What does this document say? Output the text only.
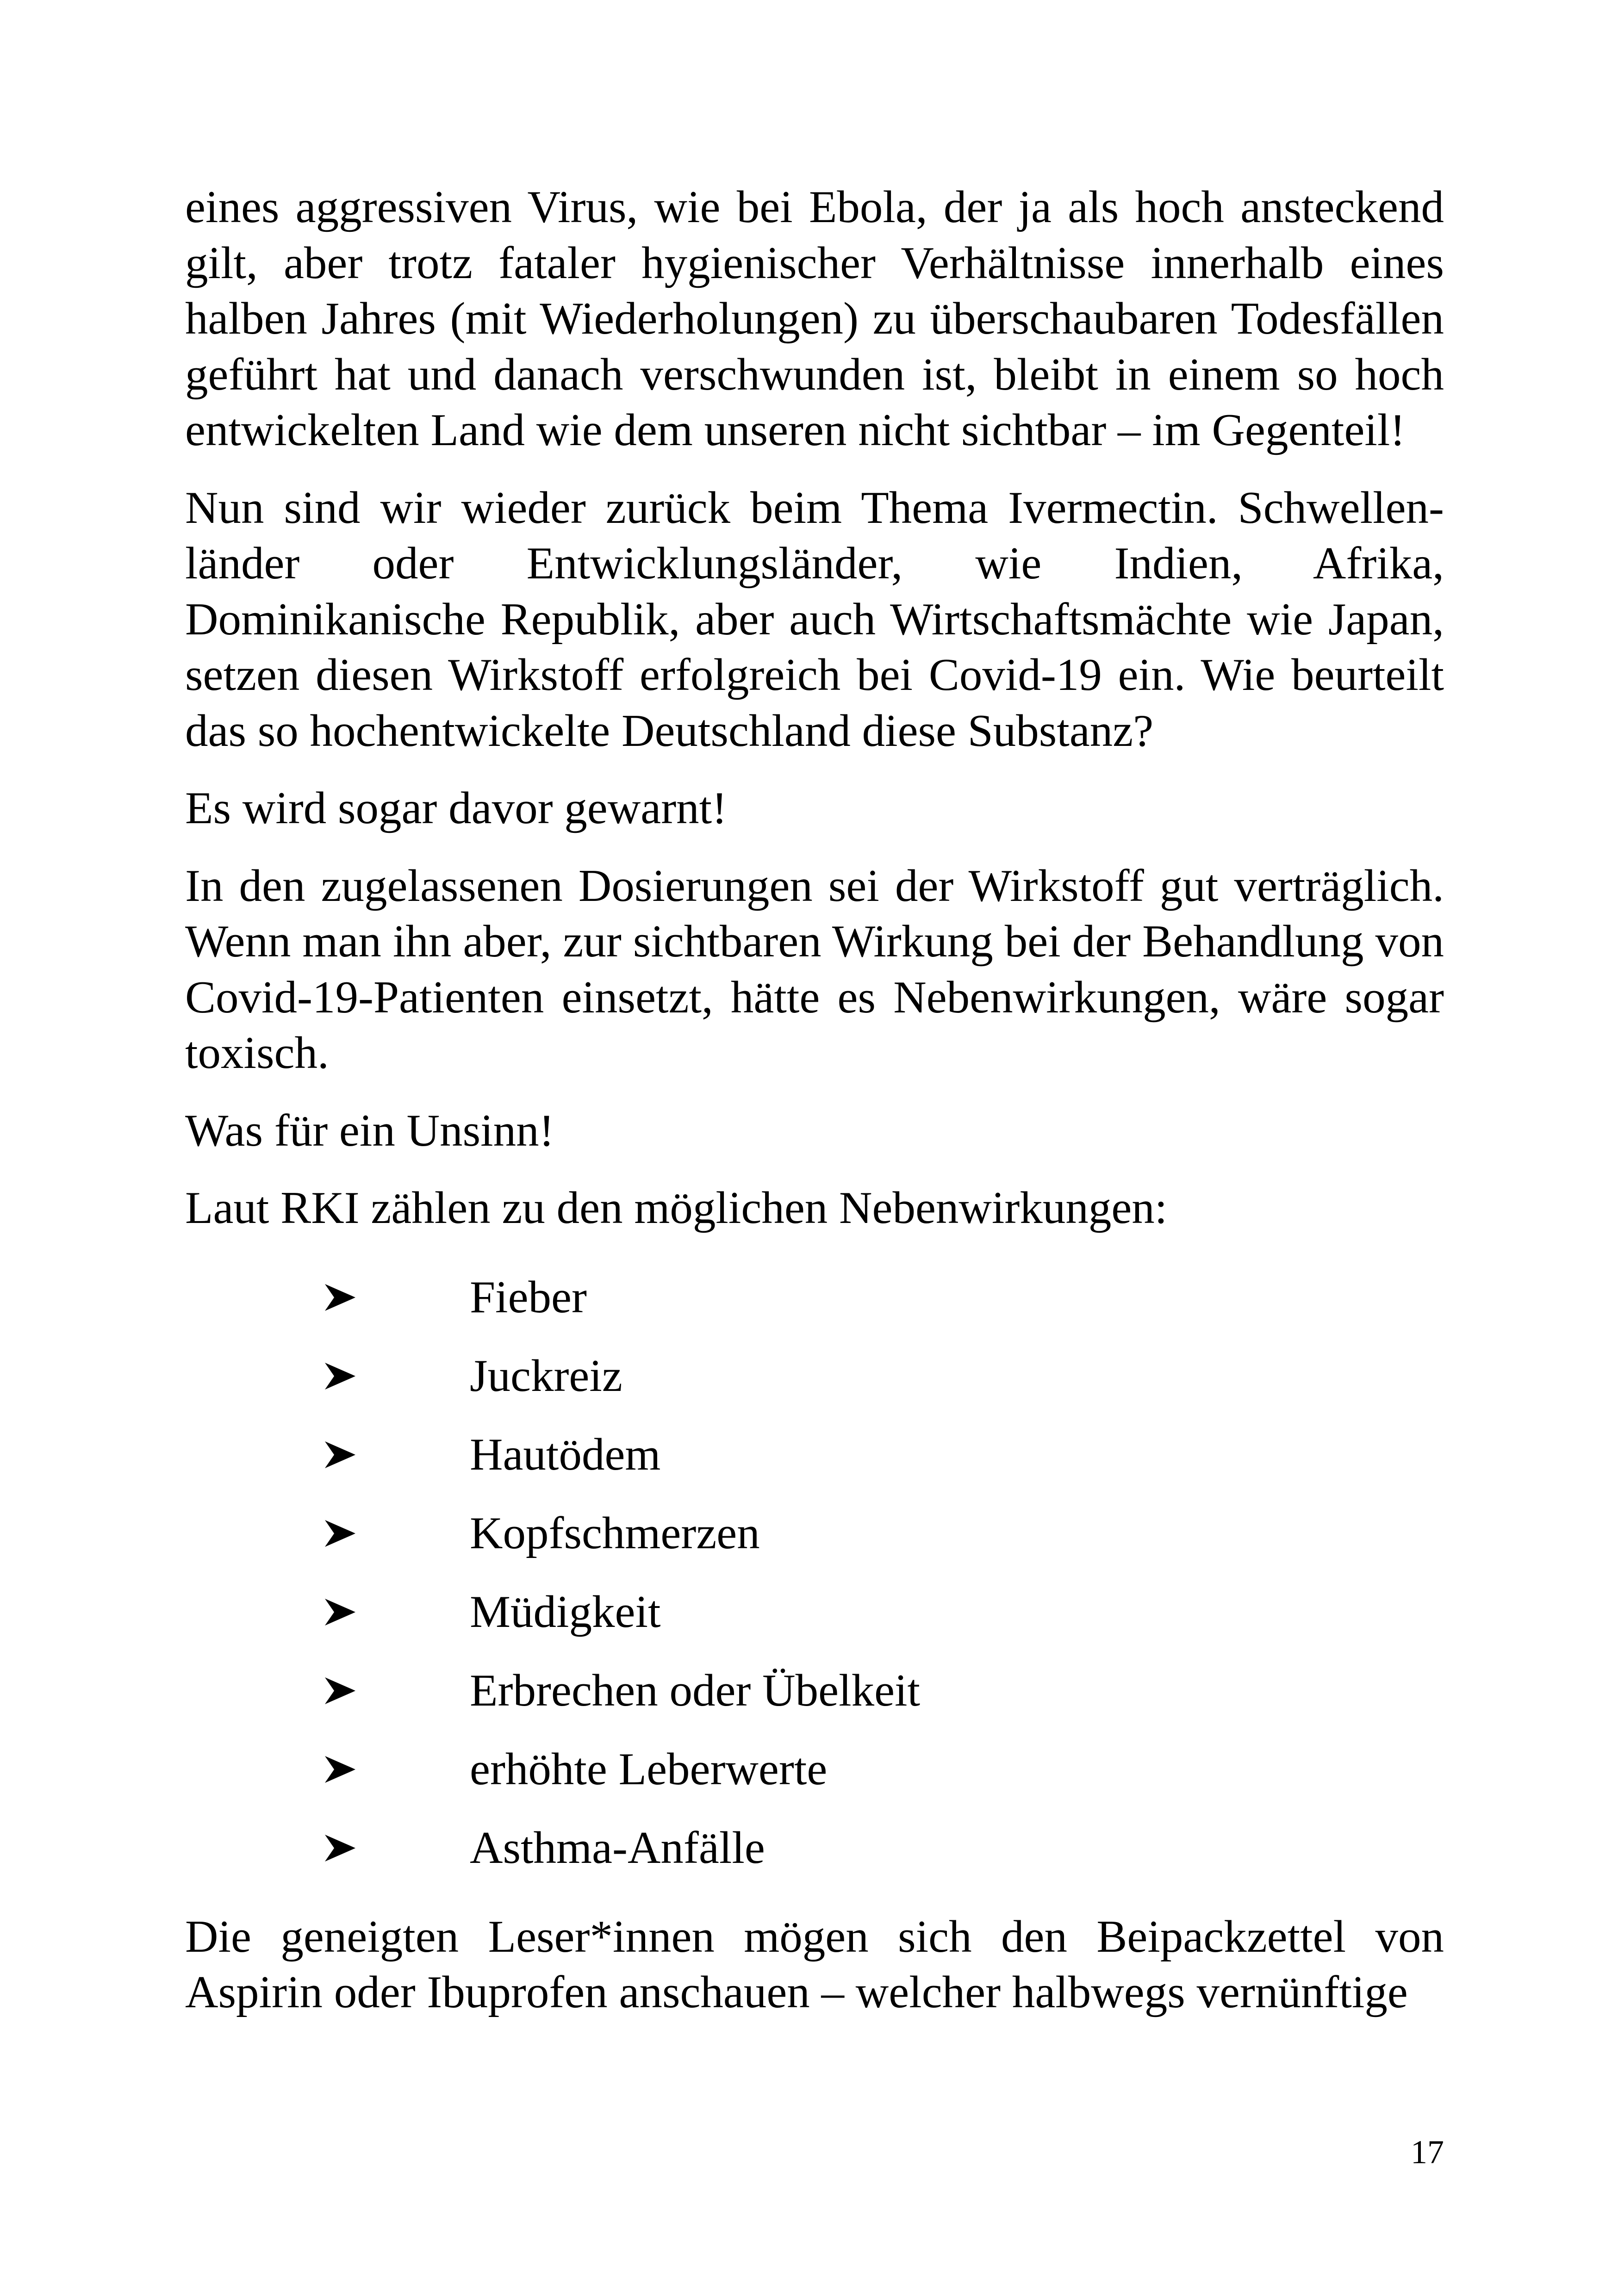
eines aggressiven Virus, wie bei Ebola, der ja als hoch ansteckend gilt, aber trotz fataler hygienischer Verhältnisse innerhalb eines halben Jahres (mit Wiederholungen) zu überschaubaren Todesfällen geführt hat und danach verschwunden ist, bleibt in einem so hoch entwickelten Land wie dem unseren nicht sichtbar – im Gegenteil!

Nun sind wir wieder zurück beim Thema Ivermectin. Schwellen-länder oder Entwicklungsländer, wie Indien, Afrika, Dominikanische Republik, aber auch Wirtschaftsmächte wie Japan, setzen diesen Wirkstoff erfolgreich bei Covid-19 ein. Wie beurteilt das so hochentwickelte Deutschland diese Substanz?

Es wird sogar davor gewarnt!

In den zugelassenen Dosierungen sei der Wirkstoff gut verträglich. Wenn man ihn aber, zur sichtbaren Wirkung bei der Behandlung von Covid-19-Patienten einsetzt, hätte es Nebenwirkungen, wäre sogar toxisch.

Was für ein Unsinn!

Laut RKI zählen zu den möglichen Nebenwirkungen:

Fieber
Juckreiz
Hautödem
Kopfschmerzen
Müdigkeit
Erbrechen oder Übelkeit
erhöhte Leberwerte
Asthma-Anfälle

Die geneigten Leser*innen mögen sich den Beipackzettel von Aspirin oder Ibuprofen anschauen – welcher halbwegs vernünftige

17
